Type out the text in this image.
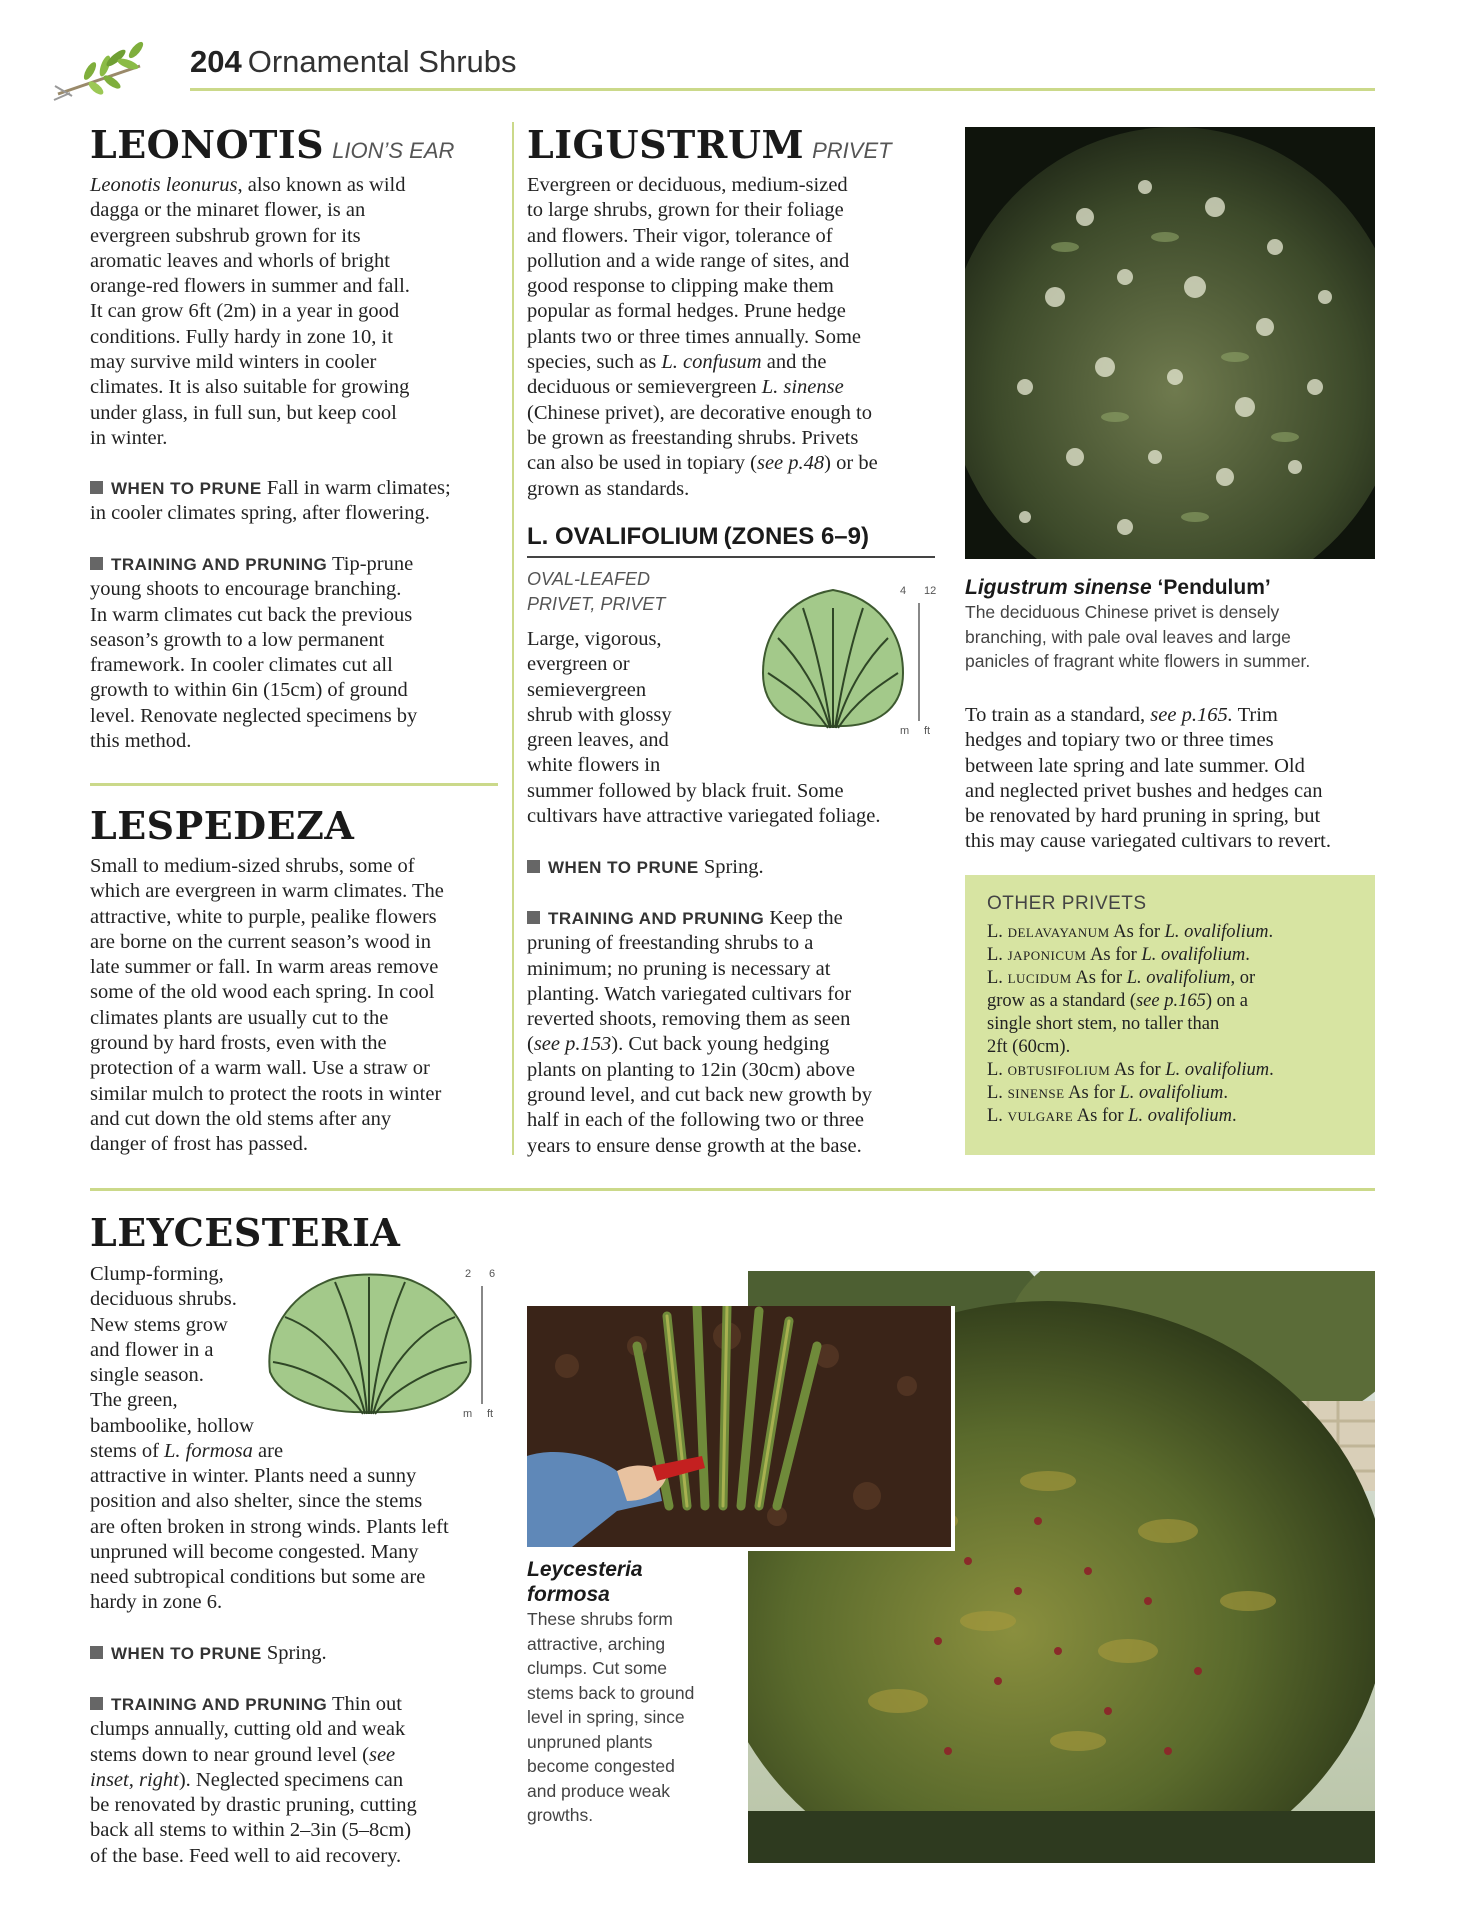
204 Ornamental Shrubs
LEONOTIS LION’S EAR
Leonotis leonurus, also known as wild
dagga or the minaret flower, is an
evergreen subshrub grown for its
aromatic leaves and whorls of bright
orange-red flowers in summer and fall.
It can grow 6ft (2m) in a year in good
conditions. Fully hardy in zone 10, it
may survive mild winters in cooler
climates. It is also suitable for growing
under glass, in full sun, but keep cool
in winter.
WHEN TO PRUNE Fall in warm climates;
in cooler climates spring, after flowering.
TRAINING AND PRUNING Tip-prune
young shoots to encourage branching.
In warm climates cut back the previous
season’s growth to a low permanent
framework. In cooler climates cut all
growth to within 6in (15cm) of ground
level. Renovate neglected specimens by
this method.
LESPEDEZA
Small to medium-sized shrubs, some of
which are evergreen in warm climates. The
attractive, white to purple, pealike flowers
are borne on the current season’s wood in
late summer or fall. In warm areas remove
some of the old wood each spring. In cool
climates plants are usually cut to the
ground by hard frosts, even with the
protection of a warm wall. Use a straw or
similar mulch to protect the roots in winter
and cut down the old stems after any
danger of frost has passed.
LIGUSTRUM PRIVET
Evergreen or deciduous, medium-sized
to large shrubs, grown for their foliage
and flowers. Their vigor, tolerance of
pollution and a wide range of sites, and
good response to clipping make them
popular as formal hedges. Prune hedge
plants two or three times annually. Some
species, such as L. confusum and the
deciduous or semievergreen L. sinense
(Chinese privet), are decorative enough to
be grown as freestanding shrubs. Privets
can also be used in topiary (see p.48) or be
grown as standards.
L. OVALIFOLIUM (ZONES 6–9)
OVAL-LEAFED
PRIVET, PRIVET
4 12
m ft
Large, vigorous,
evergreen or
semievergreen
shrub with glossy
green leaves, and
white flowers in
summer followed by black fruit. Some
cultivars have attractive variegated foliage.
WHEN TO PRUNE Spring.
TRAINING AND PRUNING Keep the
pruning of freestanding shrubs to a
minimum; no pruning is necessary at
planting. Watch variegated cultivars for
reverted shoots, removing them as seen
(see p.153). Cut back young hedging
plants on planting to 12in (30cm) above
ground level, and cut back new growth by
half in each of the following two or three
years to ensure dense growth at the base.
Ligustrum sinense ‘Pendulum’
The deciduous Chinese privet is densely
branching, with pale oval leaves and large
panicles of fragrant white flowers in summer.
To train as a standard, see p.165. Trim
hedges and topiary two or three times
between late spring and late summer. Old
and neglected privet bushes and hedges can
be renovated by hard pruning in spring, but
this may cause variegated cultivars to revert.
OTHER PRIVETS
L. delavayanum As for L. ovalifolium.
L. japonicum As for L. ovalifolium.
L. lucidum As for L. ovalifolium, or
grow as a standard (see p.165) on a
single short stem, no taller than
2ft (60cm).
L. obtusifolium As for L. ovalifolium.
L. sinense As for L. ovalifolium.
L. vulgare As for L. ovalifolium.
LEYCESTERIA
2 6
m ft
Clump-forming,
deciduous shrubs.
New stems grow
and flower in a
single season.
The green,
bamboolike, hollow
stems of L. formosa are
attractive in winter. Plants need a sunny
position and also shelter, since the stems
are often broken in strong winds. Plants left
unpruned will become congested. Many
need subtropical conditions but some are
hardy in zone 6.
WHEN TO PRUNE Spring.
TRAINING AND PRUNING Thin out
clumps annually, cutting old and weak
stems down to near ground level (see
inset, right). Neglected specimens can
be renovated by drastic pruning, cutting
back all stems to within 2–3in (5–8cm)
of the base. Feed well to aid recovery.
Leycesteria
formosa
These shrubs form
attractive, arching
clumps. Cut some
stems back to ground
level in spring, since
unpruned plants
become congested
and produce weak
growths.
